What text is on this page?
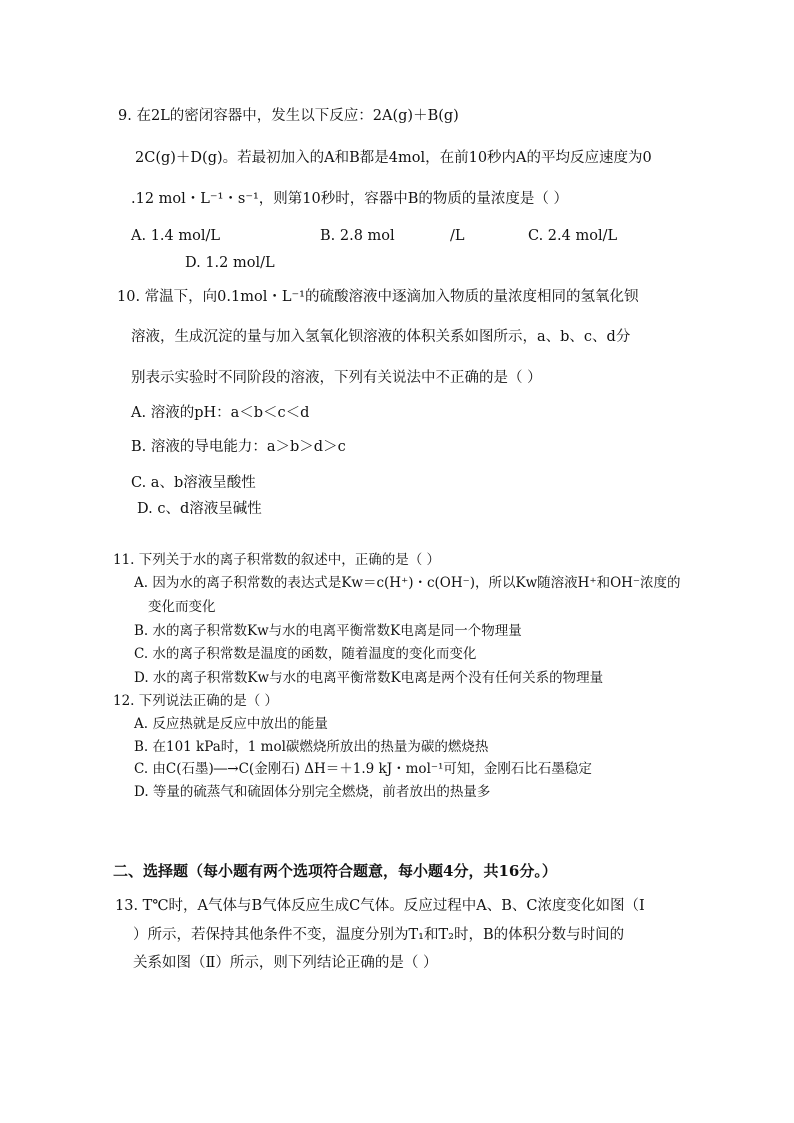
9. 在2L的密闭容器中，发生以下反应：2A(g)＋B(g)
2C(g)＋D(g)。若最初加入的A和B都是4mol，在前10秒内A的平均反应速度为0
.12 mol・L⁻¹・s⁻¹，则第10秒时，容器中B的物质的量浓度是（ ）
A. 1.4 mol/L	B. 2.8 mol	/L	C. 2.4 mol/L
D. 1.2 mol/L
10. 常温下，向0.1mol・L⁻¹的硫酸溶液中逐滴加入物质的量浓度相同的氢氧化钡
溶液，生成沉淀的量与加入氢氧化钡溶液的体积关系如图所示，a、b、c、d分
别表示实验时不同阶段的溶液，下列有关说法中不正确的是（ ）
A. 溶液的pH：a＜b＜c＜d
B. 溶液的导电能力：a＞b＞d＞c
C. a、b溶液呈酸性
D. c、d溶液呈碱性
11. 下列关于水的离子积常数的叙述中，正确的是（ ）
A. 因为水的离子积常数的表达式是Kw＝c(H⁺)・c(OH⁻)，所以Kw随溶液H⁺和OH⁻浓度的
变化而变化
B. 水的离子积常数Kw与水的电离平衡常数K电离是同一个物理量
C. 水的离子积常数是温度的函数，随着温度的变化而变化
D. 水的离子积常数Kw与水的电离平衡常数K电离是两个没有任何关系的物理量
12. 下列说法正确的是（ ）
A. 反应热就是反应中放出的能量
B. 在101 kPa时，1 mol碳燃烧所放出的热量为碳的燃烧热
C. 由C(石墨)―→C(金刚石) ΔH＝＋1.9 kJ・mol⁻¹可知，金刚石比石墨稳定
D. 等量的硫蒸气和硫固体分别完全燃烧，前者放出的热量多
二、选择题（每小题有两个选项符合题意，每小题4分，共16分。）
13. T℃时，A气体与B气体反应生成C气体。反应过程中A、B、C浓度变化如图（Ⅰ
）所示，若保持其他条件不变，温度分别为T₁和T₂时，B的体积分数与时间的
关系如图（Ⅱ）所示，则下列结论正确的是（ ）
